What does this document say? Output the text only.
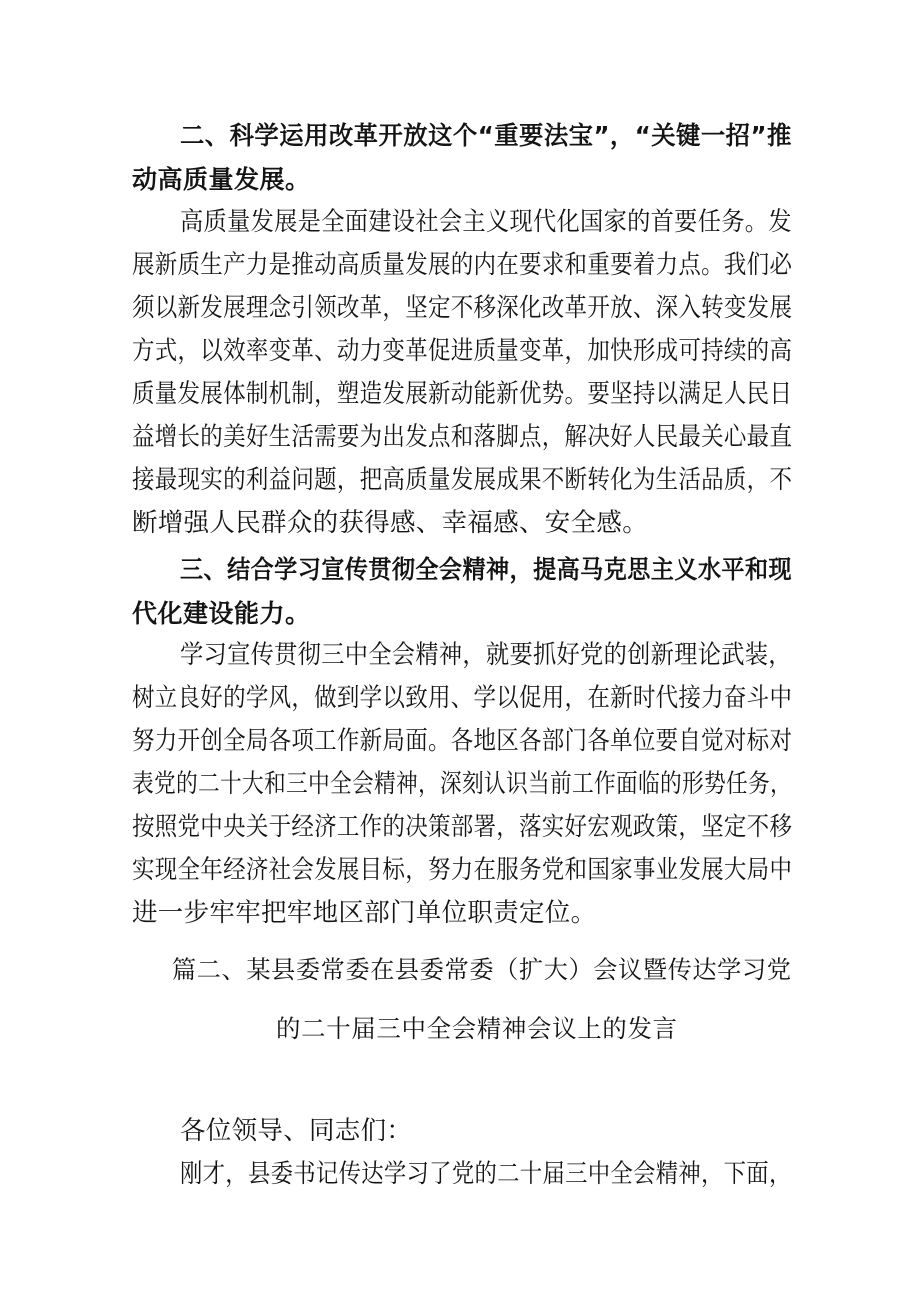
二、科学运用改革开放这个“重要法宝”，“关键一招”推

动高质量发展。

高质量发展是全面建设社会主义现代化国家的首要任务。发

展新质生产力是推动高质量发展的内在要求和重要着力点。我们必

须以新发展理念引领改革，坚定不移深化改革开放、深入转变发展

方式，以效率变革、动力变革促进质量变革，加快形成可持续的高

质量发展体制机制，塑造发展新动能新优势。要坚持以满足人民日

益增长的美好生活需要为出发点和落脚点，解决好人民最关心最直

接最现实的利益问题，把高质量发展成果不断转化为生活品质，不

断增强人民群众的获得感、幸福感、安全感。

三、结合学习宣传贯彻全会精神，提高马克思主义水平和现

代化建设能力。

学习宣传贯彻三中全会精神，就要抓好党的创新理论武装，

树立良好的学风，做到学以致用、学以促用，在新时代接力奋斗中

努力开创全局各项工作新局面。各地区各部门各单位要自觉对标对

表党的二十大和三中全会精神，深刻认识当前工作面临的形势任务，

按照党中央关于经济工作的决策部署，落实好宏观政策，坚定不移

实现全年经济社会发展目标，努力在服务党和国家事业发展大局中

进一步牢牢把牢地区部门单位职责定位。

篇二、某县委常委在县委常委（扩大）会议暨传达学习党

的二十届三中全会精神会议上的发言

各位领导、同志们：

刚才，县委书记传达学习了党的二十届三中全会精神，下面，
